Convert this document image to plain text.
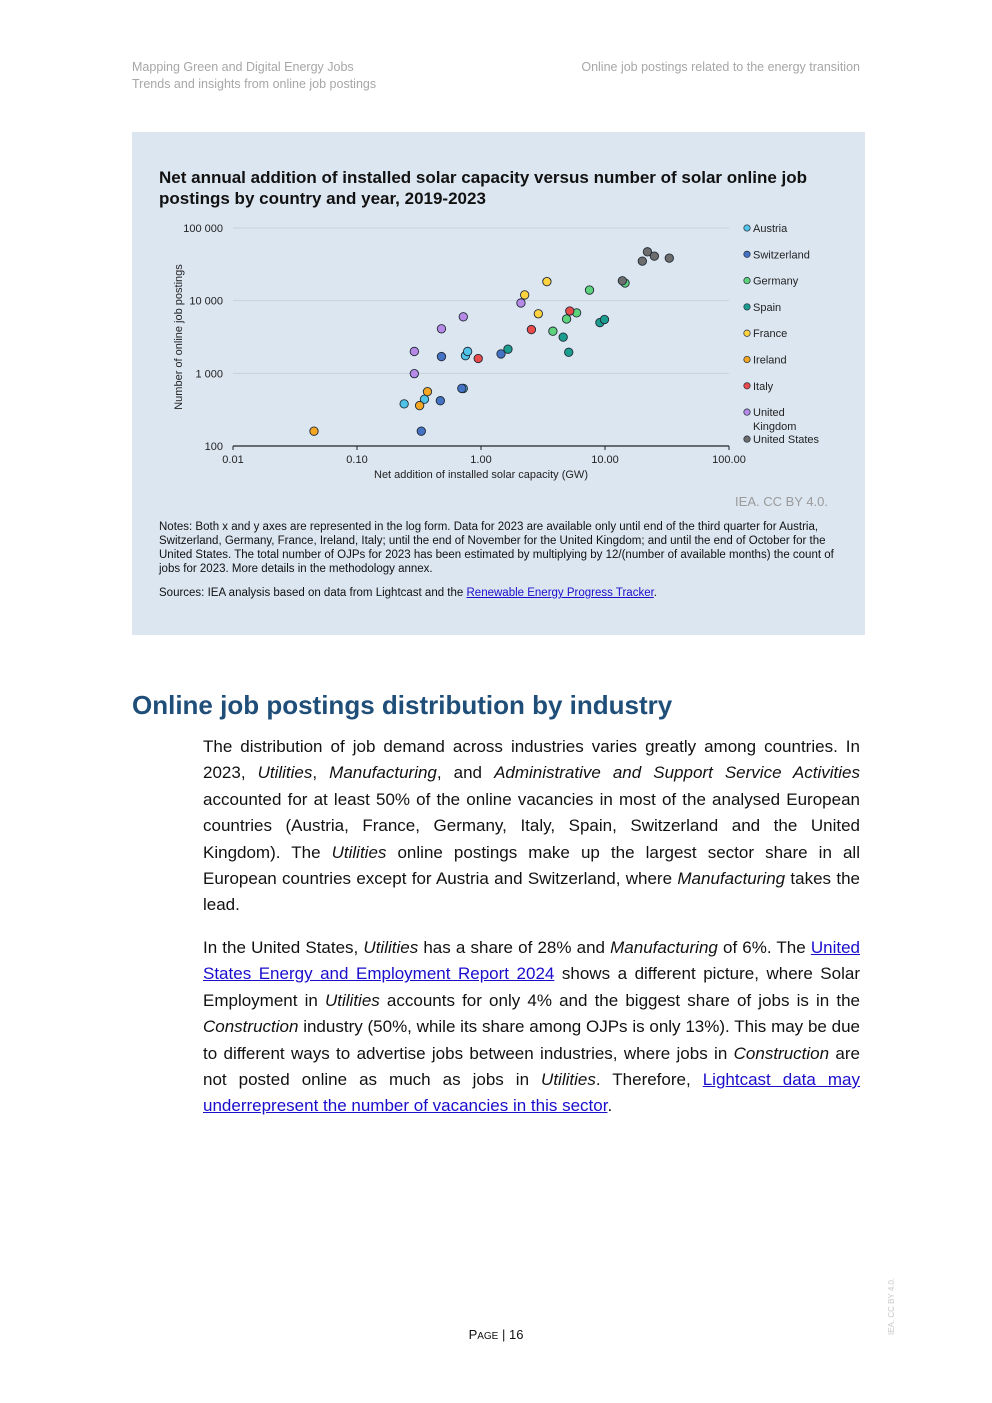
Mapping Green and Digital Energy Jobs
Trends and insights from online job postings
Online job postings related to the energy transition
Net annual addition of installed solar capacity versus number of solar online job postings by country and year, 2019-2023
100
1 000
10 000
100 000
0.01	0.10	1.00	10.00	100.00
Net addition of installed solar capacity (GW)
Number of online job postings
Austria
Switzerland
Germany
Spain
France
Ireland
Italy
United
Kingdom
United States
IEA. CC BY 4.0.
Notes: Both x and y axes are represented in the log form. Data for 2023 are available only until end of the third quarter for Austria, Switzerland, Germany, France, Ireland, Italy; until the end of November for the United Kingdom; and until the end of October for the United States. The total number of OJPs for 2023 has been estimated by multiplying by 12/(number of available months) the count of jobs for 2023. More details in the methodology annex.
Sources: IEA analysis based on data from Lightcast and the Renewable Energy Progress Tracker.
Online job postings distribution by industry
The distribution of job demand across industries varies greatly among countries. In 2023, Utilities, Manufacturing, and Administrative and Support Service Activities accounted for at least 50% of the online vacancies in most of the analysed European countries (Austria, France, Germany, Italy, Spain, Switzerland and the United Kingdom). The Utilities online postings make up the largest sector share in all European countries except for Austria and Switzerland, where Manufacturing takes the lead.
In the United States, Utilities has a share of 28% and Manufacturing of 6%. The United States Energy and Employment Report 2024 shows a different picture, where Solar Employment in Utilities accounts for only 4% and the biggest share of jobs is in the Construction industry (50%, while its share among OJPs is only 13%). This may be due to different ways to advertise jobs between industries, where jobs in Construction are not posted online as much as jobs in Utilities. Therefore, Lightcast data may underrepresent the number of vacancies in this sector.
PAGE | 16	IEA. CC BY 4.0.
